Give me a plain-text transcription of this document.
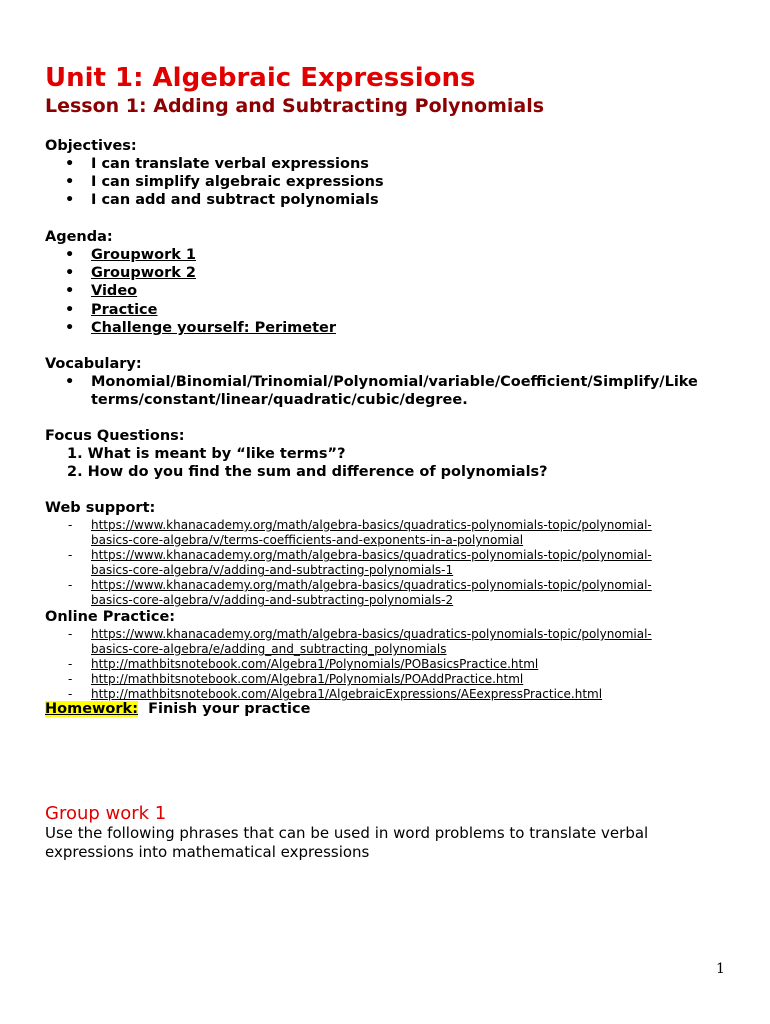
Unit 1: Algebraic Expressions
Lesson 1: Adding and Subtracting Polynomials
Objectives:
• I can translate verbal expressions
• I can simplify algebraic expressions
• I can add and subtract polynomials
Agenda:
• Groupwork 1
• Groupwork 2
• Video
• Practice
• Challenge yourself: Perimeter
Vocabulary:
• Monomial/Binomial/Trinomial/Polynomial/variable/Coefficient/Simplify/Like
terms/constant/linear/quadratic/cubic/degree.
Focus Questions:
1. What is meant by “like terms”?
2. How do you find the sum and difference of polynomials?
Web support:
- https://www.khanacademy.org/math/algebra-basics/quadratics-polynomials-topic/polynomial-
basics-core-algebra/v/terms-coefficients-and-exponents-in-a-polynomial
- https://www.khanacademy.org/math/algebra-basics/quadratics-polynomials-topic/polynomial-
basics-core-algebra/v/adding-and-subtracting-polynomials-1
- https://www.khanacademy.org/math/algebra-basics/quadratics-polynomials-topic/polynomial-
basics-core-algebra/v/adding-and-subtracting-polynomials-2
Online Practice:
- https://www.khanacademy.org/math/algebra-basics/quadratics-polynomials-topic/polynomial-
basics-core-algebra/e/adding_and_subtracting_polynomials
- http://mathbitsnotebook.com/Algebra1/Polynomials/POBasicsPractice.html
- http://mathbitsnotebook.com/Algebra1/Polynomials/POAddPractice.html
- http://mathbitsnotebook.com/Algebra1/AlgebraicExpressions/AEexpressPractice.html
Homework: Finish your practice
Group work 1
Use the following phrases that can be used in word problems to translate verbal
expressions into mathematical expressions
1
